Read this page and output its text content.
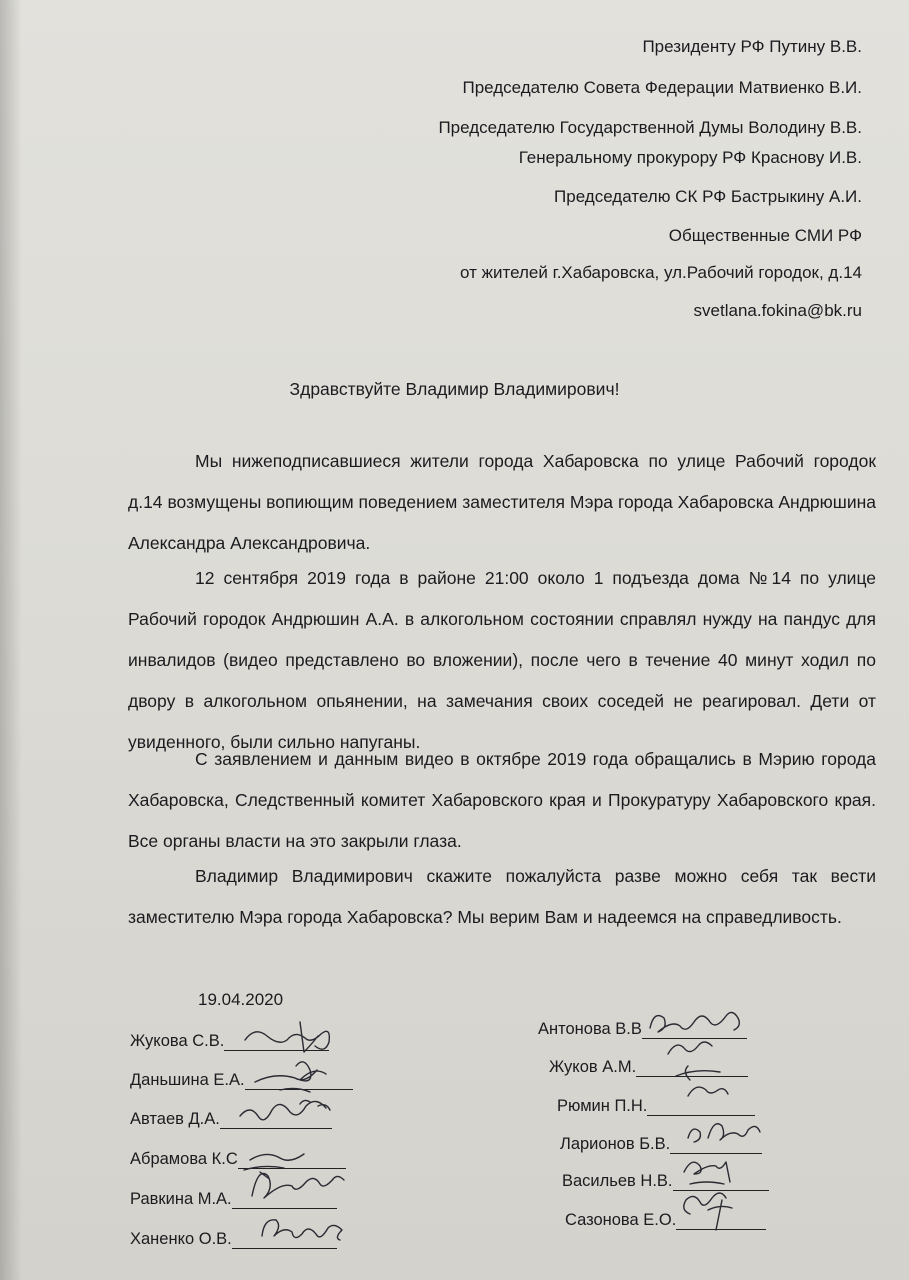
Президенту РФ Путину В.В.
Председателю Совета Федерации Матвиенко В.И.
Председателю Государственной Думы Володину В.В.
Генеральному прокурору РФ Краснову И.В.
Председателю СК РФ Бастрыкину А.И.
Общественные СМИ РФ
от жителей г.Хабаровска, ул.Рабочий городок, д.14
svetlana.fokina@bk.ru
Здравствуйте Владимир Владимирович!
Мы нижеподписавшиеся жители города Хабаровска по улице Рабочий городок д.14 возмущены вопиющим поведением заместителя Мэра города Хабаровска Андрюшина Александра Александровича.
12 сентября 2019 года в районе 21:00 около 1 подъезда дома №14 по улице Рабочий городок Андрюшин А.А. в алкогольном состоянии справлял нужду на пандус для инвалидов (видео представлено во вложении), после чего в течение 40 минут ходил по двору в алкогольном опьянении, на замечания своих соседей не реагировал. Дети от увиденного, были сильно напуганы.
С заявлением и данным видео в октябре 2019 года обращались в Мэрию города Хабаровска, Следственный комитет Хабаровского края и Прокуратуру Хабаровского края. Все органы власти на это закрыли глаза.
Владимир Владимирович скажите пожалуйста разве можно себя так вести заместителю Мэра города Хабаровска? Мы верим Вам и надеемся на справедливость.
19.04.2020
Жукова С.В.
Даньшина Е.А.
Автаев Д.А.
Абрамова К.С
Равкина М.А.
Ханенко О.В.
Антонова В.В
Жуков А.М.
Рюмин П.Н.
Ларионов Б.В.
Васильев Н.В.
Сазонова Е.О.
